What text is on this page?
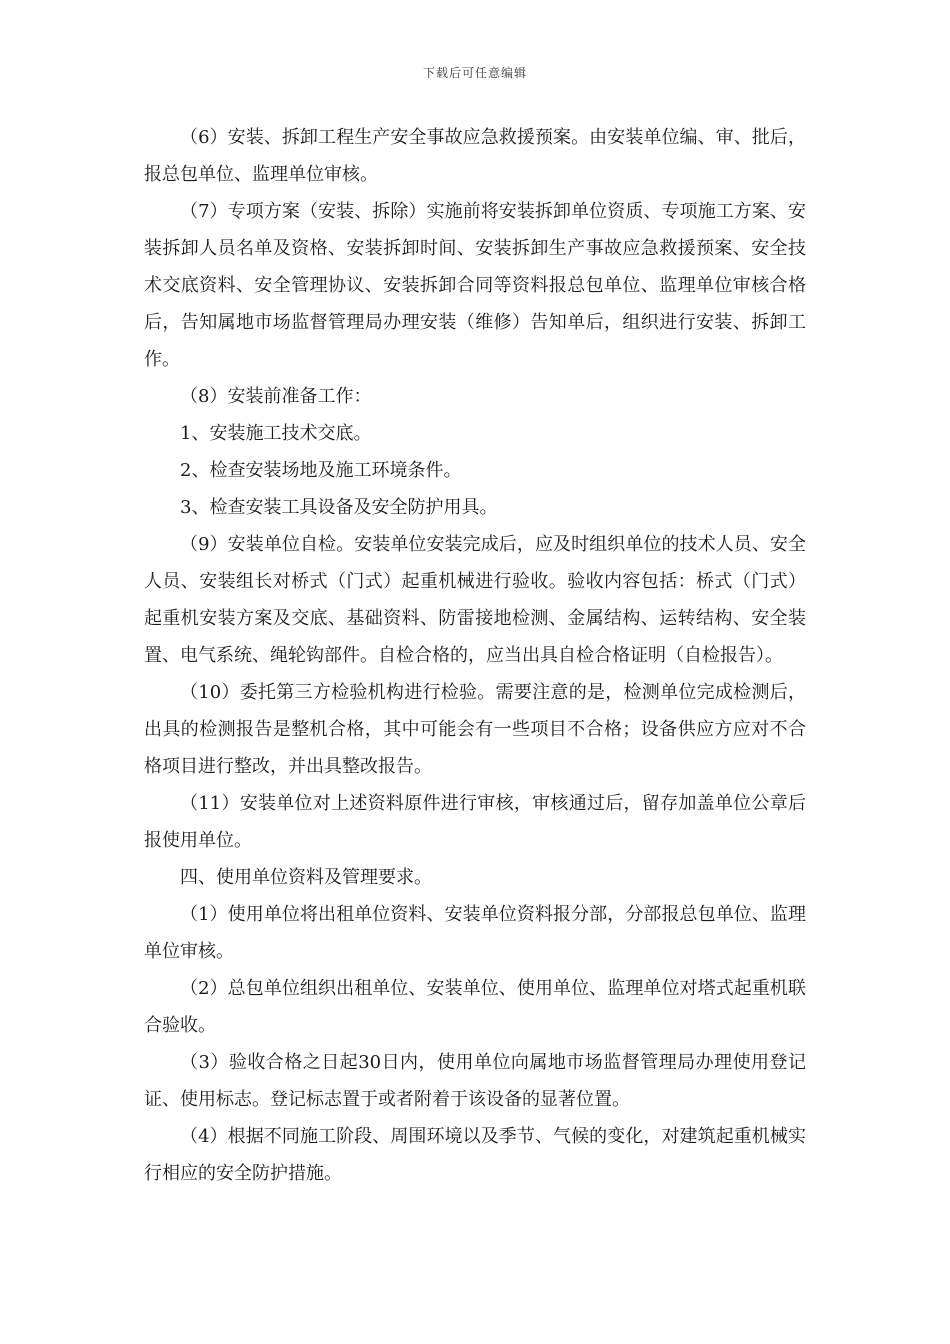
下载后可任意编辑

（6）安装、拆卸工程生产安全事故应急救援预案。由安装单位编、审、批后，报总包单位、监理单位审核。

（7）专项方案（安装、拆除）实施前将安装拆卸单位资质、专项施工方案、安装拆卸人员名单及资格、安装拆卸时间、安装拆卸生产事故应急救援预案、安全技术交底资料、安全管理协议、安装拆卸合同等资料报总包单位、监理单位审核合格后，告知属地市场监督管理局办理安装（维修）告知单后，组织进行安装、拆卸工作。

（8）安装前准备工作：

1、安装施工技术交底。

2、检查安装场地及施工环境条件。

3、检查安装工具设备及安全防护用具。

（9）安装单位自检。安装单位安装完成后，应及时组织单位的技术人员、安全人员、安装组长对桥式（门式）起重机械进行验收。验收内容包括：桥式（门式）起重机安装方案及交底、基础资料、防雷接地检测、金属结构、运转结构、安全装置、电气系统、绳轮钩部件。自检合格的，应当出具自检合格证明（自检报告）。

（10）委托第三方检验机构进行检验。需要注意的是，检测单位完成检测后，出具的检测报告是整机合格，其中可能会有一些项目不合格；设备供应方应对不合格项目进行整改，并出具整改报告。

（11）安装单位对上述资料原件进行审核，审核通过后，留存加盖单位公章后报使用单位。

四、使用单位资料及管理要求。

（1）使用单位将出租单位资料、安装单位资料报分部，分部报总包单位、监理单位审核。

（2）总包单位组织出租单位、安装单位、使用单位、监理单位对塔式起重机联合验收。

（3）验收合格之日起30日内，使用单位向属地市场监督管理局办理使用登记证、使用标志。登记标志置于或者附着于该设备的显著位置。

（4）根据不同施工阶段、周围环境以及季节、气候的变化，对建筑起重机械实行相应的安全防护措施。
